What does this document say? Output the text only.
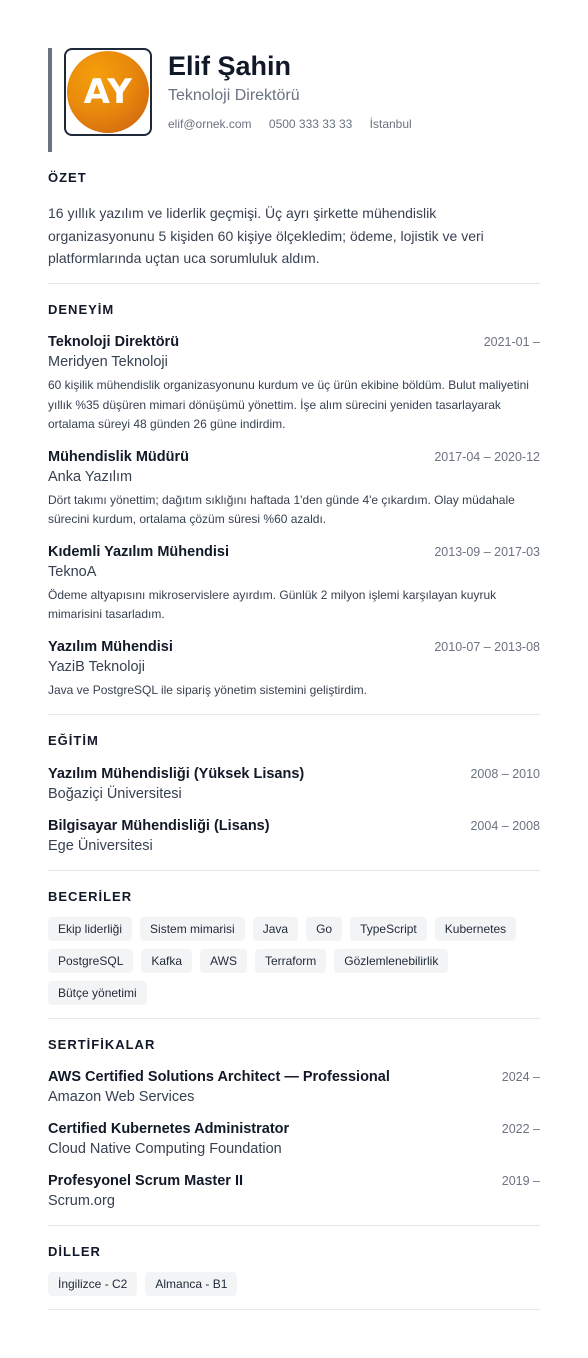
AY
Elif Şahin
Teknoloji Direktörü
elif@ornek.com 0500 333 33 33 İstanbul
ÖZET
16 yıllık yazılım ve liderlik geçmişi. Üç ayrı şirkette mühendislik organizasyonunu 5 kişiden 60 kişiye ölçekledim; ödeme, lojistik ve veri platformlarında uçtan uca sorumluluk aldım.
DENEYİM
Teknoloji Direktörü	2021-01 –
Meridyen Teknoloji
60 kişilik mühendislik organizasyonunu kurdum ve üç ürün ekibine böldüm. Bulut maliyetini yıllık %35 düşüren mimari dönüşümü yönettim. İşe alım sürecini yeniden tasarlayarak ortalama süreyi 48 günden 26 güne indirdim.
Mühendislik Müdürü	2017-04 – 2020-12
Anka Yazılım
Dört takımı yönettim; dağıtım sıklığını haftada 1'den günde 4'e çıkardım. Olay müdahale sürecini kurdum, ortalama çözüm süresi %60 azaldı.
Kıdemli Yazılım Mühendisi	2013-09 – 2017-03
TeknoA
Ödeme altyapısını mikroservislere ayırdım. Günlük 2 milyon işlemi karşılayan kuyruk mimarisini tasarladım.
Yazılım Mühendisi	2010-07 – 2013-08
YaziB Teknoloji
Java ve PostgreSQL ile sipariş yönetim sistemini geliştirdim.
EĞİTİM
Yazılım Mühendisliği (Yüksek Lisans)	2008 – 2010
Boğaziçi Üniversitesi
Bilgisayar Mühendisliği (Lisans)	2004 – 2008
Ege Üniversitesi
BECERİLER
Ekip liderliği	Sistem mimarisi	Java	Go	TypeScript	Kubernetes
PostgreSQL	Kafka	AWS	Terraform	Gözlemlenebilirlik
Bütçe yönetimi
SERTİFİKALAR
AWS Certified Solutions Architect — Professional	2024 –
Amazon Web Services
Certified Kubernetes Administrator	2022 –
Cloud Native Computing Foundation
Profesyonel Scrum Master II	2019 –
Scrum.org
DİLLER
İngilizce - C2	Almanca - B1
